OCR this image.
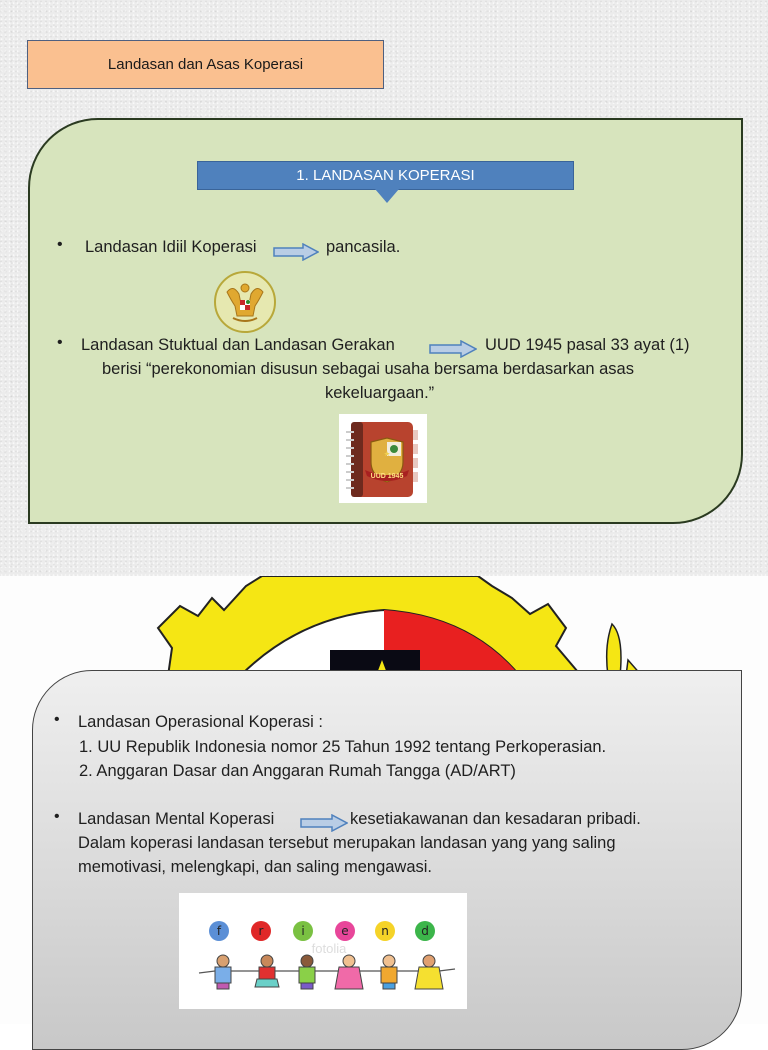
Landasan dan Asas Koperasi
1. LANDASAN KOPERASI
• Landasan Idiil Koperasi	pancasila.
• Landasan Stuktual dan Landasan Gerakan	UUD 1945 pasal 33 ayat (1)
berisi “perekonomian disusun sebagai usaha bersama berdasarkan asas
kekeluargaan.”
UUD 1945
• Landasan Operasional Koperasi :
1. UU Republik Indonesia nomor 25 Tahun 1992 tentang Perkoperasian.
2. Anggaran Dasar dan Anggaran Rumah Tangga (AD/ART)
• Landasan Mental Koperasi	kesetiakawanan dan kesadaran pribadi.
Dalam koperasi landasan tersebut merupakan landasan yang yang saling
memotivasi, melengkapi, dan saling mengawasi.
f	r	i	e	n	d
fotolia
